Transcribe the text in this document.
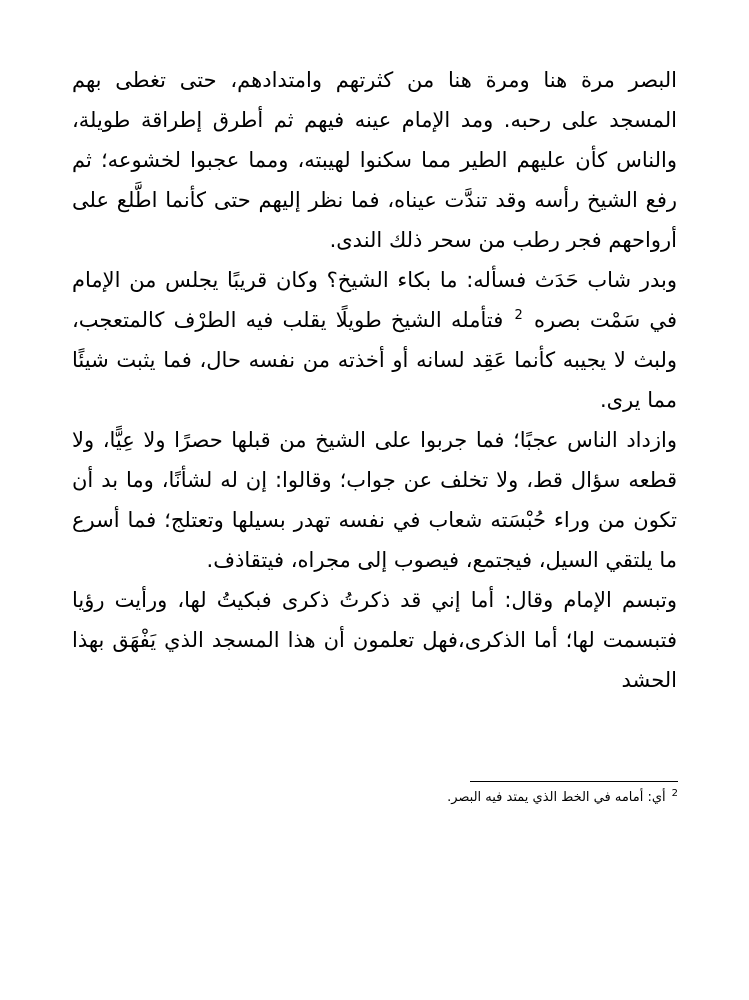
البصر مرة هنا ومرة هنا من كثرتهم وامتدادهم، حتى تغطى بهم المسجد على رحبه. ومد الإمام عينه فيهم ثم أطرق إطراقة طويلة، والناس كأن عليهم الطير مما سكنوا لهيبته، ومما عجبوا لخشوعه؛ ثم رفع الشيخ رأسه وقد تندَّت عيناه، فما نظر إليهم حتى كأنما اطَّلع على أرواحهم فجر رطب من سحر ذلك الندى.

وبدر شاب حَدَث فسأله: ما بكاء الشيخ؟ وكان قريبًا يجلس من الإمام في سَمْت بصره $^2$ فتأمله الشيخ طويلًا يقلب فيه الطرْف كالمتعجب، ولبث لا يجيبه كأنما عَقِد لسانه أو أخذته من نفسه حال، فما يثبت شيئًا مما يرى.

وازداد الناس عجبًا؛ فما جربوا على الشيخ من قبلها حصرًا ولا عِيًّا، ولا قطعه سؤال قط، ولا تخلف عن جواب؛ وقالوا: إن له لشأنًا، وما بد أن تكون من وراء حُبْسَته شعاب في نفسه تهدر بسيلها وتعتلج؛ فما أسرع ما يلتقي السيل، فيجتمع، فيصوب إلى مجراه، فيتقاذف.

وتبسم الإمام وقال: أما إني قد ذكرتُ ذكرى فبكيتُ لها، ورأيت رؤيا فتبسمت لها؛ أما الذكرى،فهل تعلمون أن هذا المسجد الذي يَفْهَق بهذا الحشد

$^2$أي: أمامه في الخط الذي يمتد فيه البصر.
